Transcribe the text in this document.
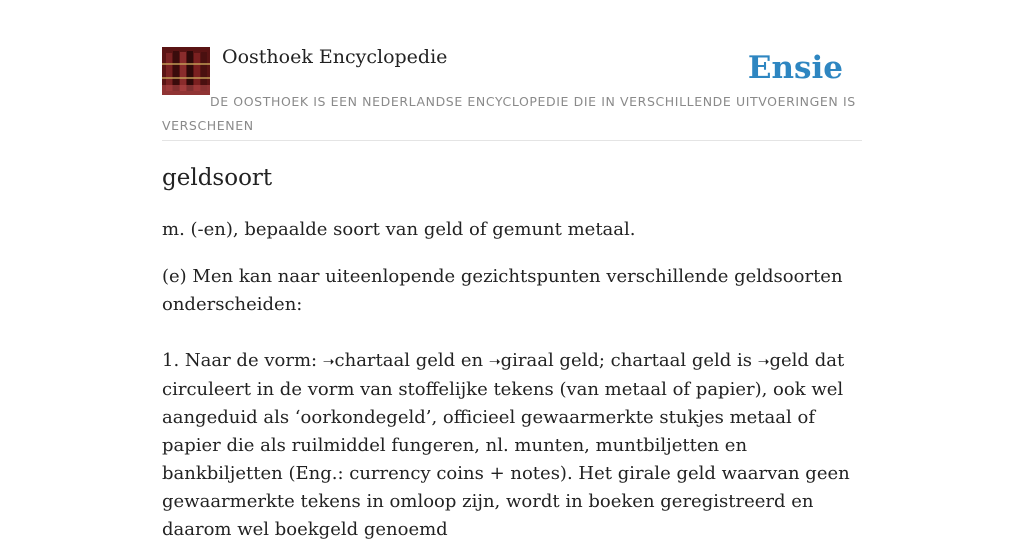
Oosthoek Encyclopedie	Ensie
DE OOSTHOEK IS EEN NEDERLANDSE ENCYCLOPEDIE DIE IN VERSCHILLENDE UITVOERINGEN IS VERSCHENEN
geldsoort

m. (-en), bepaalde soort van geld of gemunt metaal.

(e) Men kan naar uiteenlopende gezichtspunten verschillende geldsoorten onderscheiden:

1. Naar de vorm: ➝chartaal geld en ➝giraal geld; chartaal geld is ➝geld dat circuleert in de vorm van stoffelijke tekens (van metaal of papier), ook wel aangeduid als ‘oorkondegeld’, officieel gewaarmerkte stukjes metaal of papier die als ruilmiddel fungeren, nl. munten, muntbiljetten en bankbiljetten (Eng.: currency coins + notes). Het girale geld waarvan geen gewaarmerkte tekens in omloop zijn, wordt in boeken geregistreerd en daarom wel boekgeld genoemd
